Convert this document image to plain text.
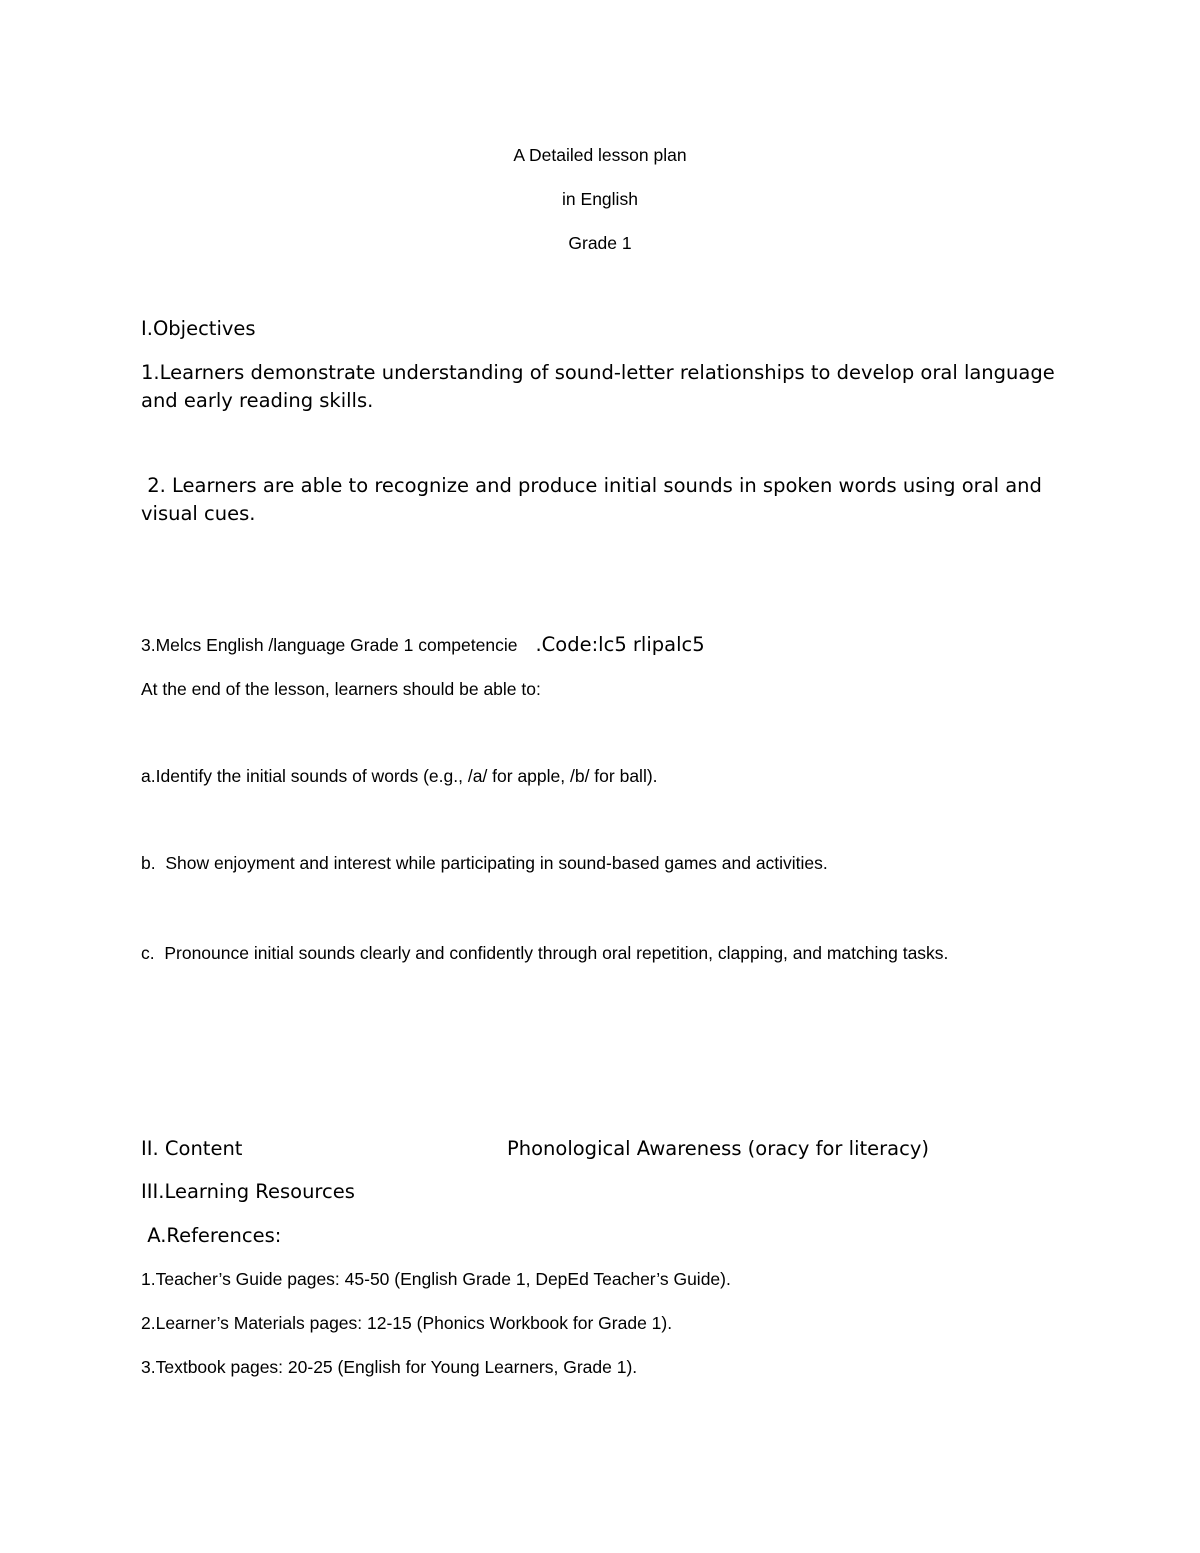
A Detailed lesson plan
in English
Grade 1
I.Objectives
1.Learners demonstrate understanding of sound-letter relationships to develop oral language and early reading skills.
2. Learners are able to recognize and produce initial sounds in spoken words using oral and visual cues.
3.Melcs English /language Grade 1 competencie .Code:lc5 rlipalc5
At the end of the lesson, learners should be able to:
a.Identify the initial sounds of words (e.g., /a/ for apple, /b/ for ball).
b.  Show enjoyment and interest while participating in sound-based games and activities.
c.  Pronounce initial sounds clearly and confidently through oral repetition, clapping, and matching tasks.
II. Content	Phonological Awareness (oracy for literacy)
III.Learning Resources
A.References:
1.Teacher’s Guide pages: 45-50 (English Grade 1, DepEd Teacher’s Guide).
2.Learner’s Materials pages: 12-15 (Phonics Workbook for Grade 1).
3.Textbook pages: 20-25 (English for Young Learners, Grade 1).
